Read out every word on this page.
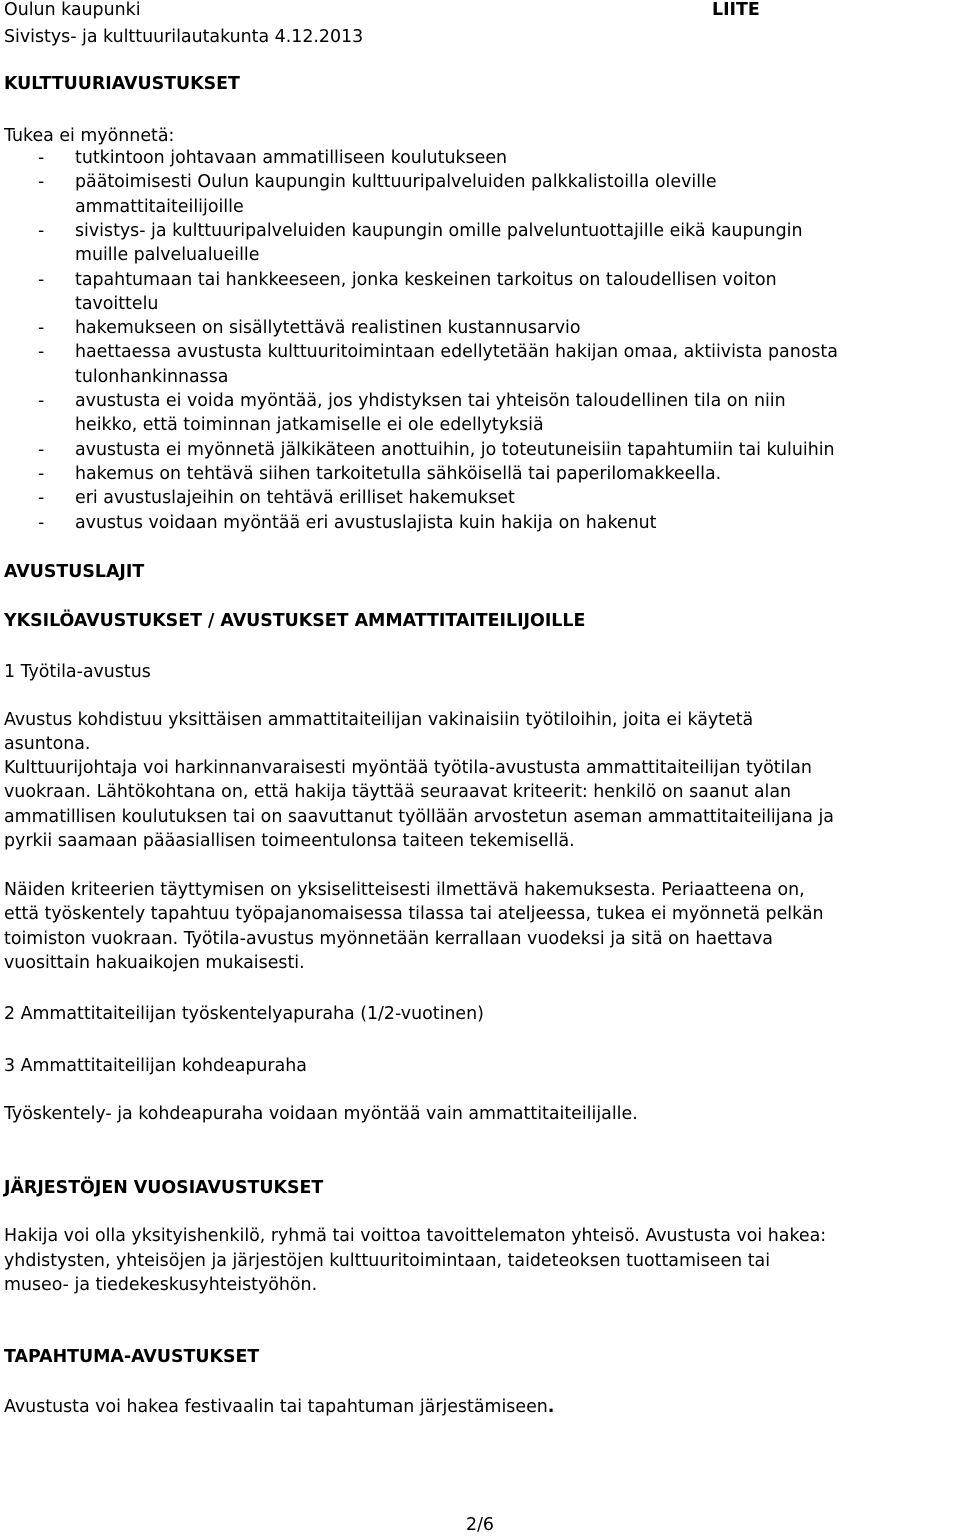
Oulun kaupunki
Sivistys- ja kulttuurilautakunta 4.12.2013
LIITE
KULTTUURIAVUSTUKSET
Tukea ei myönnetä:
- tutkintoon johtavaan ammatilliseen koulutukseen
- päätoimisesti Oulun kaupungin kulttuuripalveluiden palkkalistoilla oleville
ammattitaiteilijoille
- sivistys- ja kulttuuripalveluiden kaupungin omille palveluntuottajille eikä kaupungin
muille palvelualueille
- tapahtumaan tai hankkeeseen, jonka keskeinen tarkoitus on taloudellisen voiton
tavoittelu
- hakemukseen on sisällytettävä realistinen kustannusarvio
- haettaessa avustusta kulttuuritoimintaan edellytetään hakijan omaa, aktiivista panosta
tulonhankinnassa
- avustusta ei voida myöntää, jos yhdistyksen tai yhteisön taloudellinen tila on niin
heikko, että toiminnan jatkamiselle ei ole edellytyksiä
- avustusta ei myönnetä jälkikäteen anottuihin, jo toteutuneisiin tapahtumiin tai kuluihin
- hakemus on tehtävä siihen tarkoitetulla sähköisellä tai paperilomakkeella.
- eri avustuslajeihin on tehtävä erilliset hakemukset
- avustus voidaan myöntää eri avustuslajista kuin hakija on hakenut
AVUSTUSLAJIT
YKSILÖAVUSTUKSET / AVUSTUKSET AMMATTITAITEILIJOILLE
1 Työtila-avustus
Avustus kohdistuu yksittäisen ammattitaiteilijan vakinaisiin työtiloihin, joita ei käytetä
asuntona.
Kulttuurijohtaja voi harkinnanvaraisesti myöntää työtila-avustusta ammattitaiteilijan työtilan
vuokraan. Lähtökohtana on, että hakija täyttää seuraavat kriteerit: henkilö on saanut alan
ammatillisen koulutuksen tai on saavuttanut työllään arvostetun aseman ammattitaiteilijana ja
pyrkii saamaan pääasiallisen toimeentulonsa taiteen tekemisellä.
Näiden kriteerien täyttymisen on yksiselitteisesti ilmettävä hakemuksesta. Periaatteena on,
että työskentely tapahtuu työpajanomaisessa tilassa tai ateljeessa, tukea ei myönnetä pelkän
toimiston vuokraan. Työtila-avustus myönnetään kerrallaan vuodeksi ja sitä on haettava
vuosittain hakuaikojen mukaisesti.
2 Ammattitaiteilijan työskentelyapuraha (1/2-vuotinen)
3 Ammattitaiteilijan kohdeapuraha
Työskentely- ja kohdeapuraha voidaan myöntää vain ammattitaiteilijalle.
JÄRJESTÖJEN VUOSIAVUSTUKSET
Hakija voi olla yksityishenkilö, ryhmä tai voittoa tavoittelematon yhteisö. Avustusta voi hakea:
yhdistysten, yhteisöjen ja järjestöjen kulttuuritoimintaan, taideteoksen tuottamiseen tai
museo- ja tiedekeskusyhteistyöhön.
TAPAHTUMA-AVUSTUKSET
Avustusta voi hakea festivaalin tai tapahtuman järjestämiseen.
2/6
